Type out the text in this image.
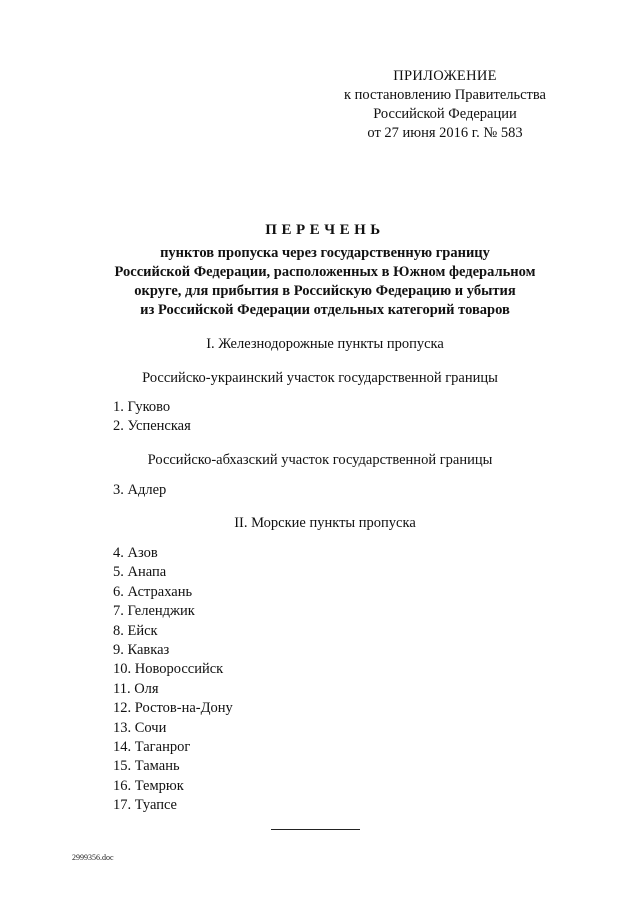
ПРИЛОЖЕНИЕ
к постановлению Правительства
Российской Федерации
от 27 июня 2016 г. № 583
ПЕРЕЧЕНЬ
пунктов пропуска через государственную границу
Российской Федерации, расположенных в Южном федеральном
округе, для прибытия в Российскую Федерацию и убытия
из Российской Федерации отдельных категорий товаров
I. Железнодорожные пункты пропуска
Российско-украинский участок государственной границы
1. Гуково
2. Успенская
Российско-абхазский участок государственной границы
3. Адлер
II. Морские пункты пропуска
4. Азов
5. Анапа
6. Астрахань
7. Геленджик
8. Ейск
9. Кавказ
10. Новороссийск
11. Оля
12. Ростов-на-Дону
13. Сочи
14. Таганрог
15. Тамань
16. Темрюк
17. Туапсе
2999356.doc
